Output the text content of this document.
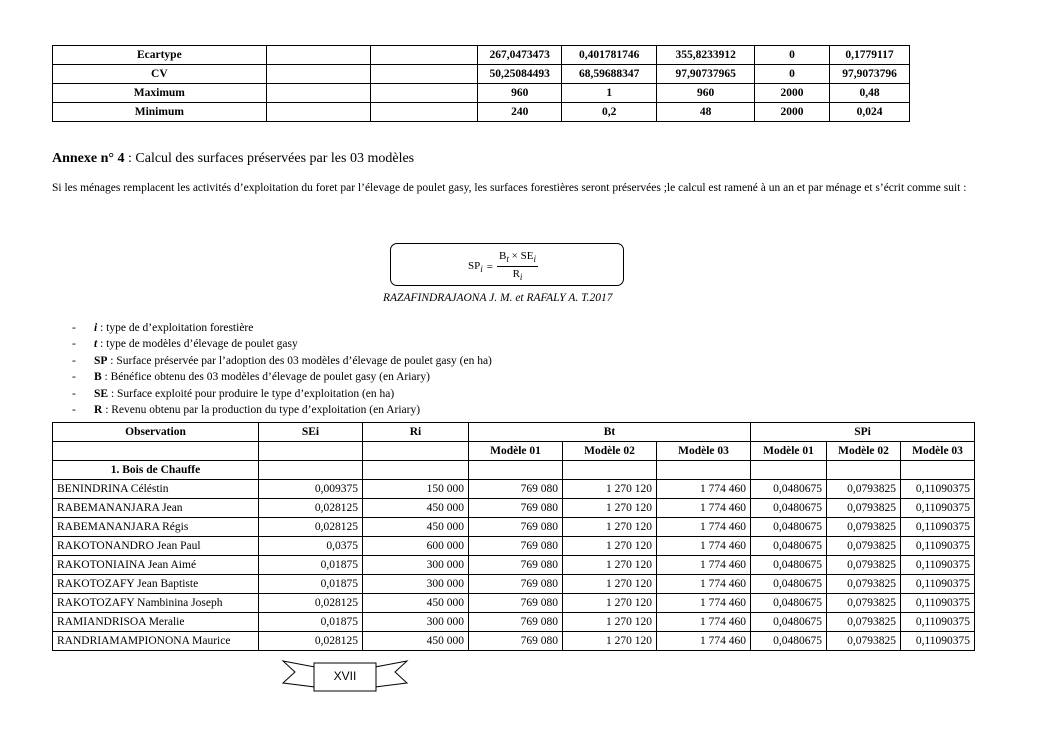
Ecartype			267,0473473	0,401781746	355,8233912	0	0,1779117
CV			50,25084493	68,59688347	97,90737965	0	97,9073796
Maximum			960	1	960	2000	0,48
Minimum			240	0,2	48	2000	0,024
Annexe n° 4 : Calcul des surfaces préservées par les 03 modèles
Si les ménages remplacent les activités d’exploitation du foret par l’élevage de poulet gasy, les surfaces forestières seront préservées ;le calcul est ramené à un an et par ménage et s’écrit comme suit :
$SP_i = \frac{B_t \times SE_i}{R_i}$
RAZAFINDRAJAONA J. M. et RAFALY A. T.2017
-	i : type de d’exploitation forestière
-	t : type de modèles d’élevage de poulet gasy
-	SP : Surface préservée par l’adoption des 03 modèles d’élevage de poulet gasy (en ha)
-	B : Bénéfice obtenu des 03 modèles d’élevage de poulet gasy (en Ariary)
-	SE : Surface exploité pour produire le type d’exploitation (en ha)
-	R : Revenu obtenu par la production du type d’exploitation (en Ariary)
Observation	SEi	Ri	Bt			SPi		
			Modèle 01	Modèle 02	Modèle 03	Modèle 01	Modèle 02	Modèle 03
1. Bois de Chauffe								
BENINDRINA Céléstin	0,009375	150 000	769 080	1 270 120	1 774 460	0,0480675	0,0793825	0,11090375
RABEMANANJARA Jean	0,028125	450 000	769 080	1 270 120	1 774 460	0,0480675	0,0793825	0,11090375
RABEMANANJARA Régis	0,028125	450 000	769 080	1 270 120	1 774 460	0,0480675	0,0793825	0,11090375
RAKOTONANDRO Jean Paul	0,0375	600 000	769 080	1 270 120	1 774 460	0,0480675	0,0793825	0,11090375
RAKOTONIAINA Jean Aimé	0,01875	300 000	769 080	1 270 120	1 774 460	0,0480675	0,0793825	0,11090375
RAKOTOZAFY Jean Baptiste	0,01875	300 000	769 080	1 270 120	1 774 460	0,0480675	0,0793825	0,11090375
RAKOTOZAFY Nambinina Joseph	0,028125	450 000	769 080	1 270 120	1 774 460	0,0480675	0,0793825	0,11090375
RAMIANDRISOA Meralie	0,01875	300 000	769 080	1 270 120	1 774 460	0,0480675	0,0793825	0,11090375
RANDRIAMAMPIONONA Maurice	0,028125	450 000	769 080	1 270 120	1 774 460	0,0480675	0,0793825	0,11090375
XVII
